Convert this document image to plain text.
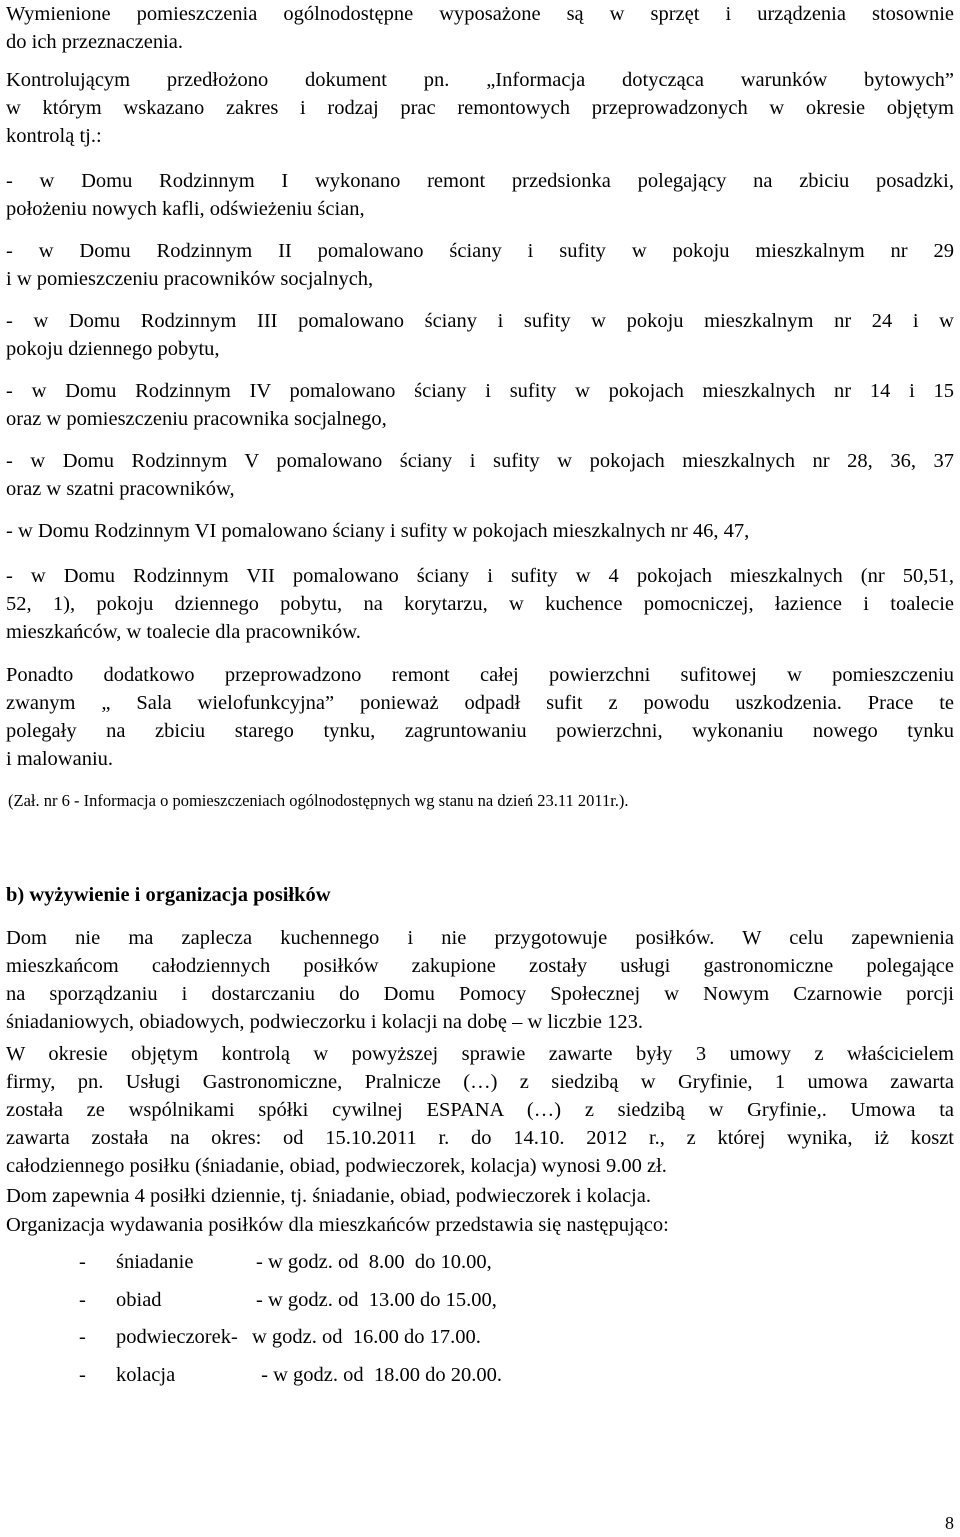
Wymienione pomieszczenia ogólnodostępne wyposażone są w sprzęt i urządzenia stosownie
do ich przeznaczenia.

Kontrolującym przedłożono dokument pn. „Informacja dotycząca warunków bytowych”
w którym wskazano zakres i rodzaj prac remontowych przeprowadzonych w okresie objętym
kontrolą tj.:

- w Domu Rodzinnym I wykonano remont przedsionka polegający na zbiciu posadzki,
położeniu nowych kafli, odświeżeniu ścian,

- w Domu Rodzinnym II pomalowano ściany i sufity w pokoju mieszkalnym nr 29
i w pomieszczeniu pracowników socjalnych,

- w Domu Rodzinnym III pomalowano ściany i sufity w pokoju mieszkalnym nr 24 i w
pokoju dziennego pobytu,

- w Domu Rodzinnym IV pomalowano ściany i sufity w pokojach mieszkalnych nr 14 i 15
oraz w pomieszczeniu pracownika socjalnego,

- w Domu Rodzinnym V pomalowano ściany i sufity w pokojach mieszkalnych nr 28, 36, 37
oraz w szatni pracowników,

- w Domu Rodzinnym VI pomalowano ściany i sufity w pokojach mieszkalnych nr 46, 47,

- w Domu Rodzinnym VII pomalowano ściany i sufity w 4 pokojach mieszkalnych (nr 50,51,
52, 1), pokoju dziennego pobytu, na korytarzu, w kuchence pomocniczej, łazience i toalecie
mieszkańców, w toalecie dla pracowników.

Ponadto dodatkowo przeprowadzono remont całej powierzchni sufitowej w pomieszczeniu
zwanym „ Sala wielofunkcyjna” ponieważ odpadł sufit z powodu uszkodzenia. Prace te
polegały na zbiciu starego tynku, zagruntowaniu powierzchni, wykonaniu nowego tynku
i malowaniu.

(Zał. nr 6 - Informacja o pomieszczeniach ogólnodostępnych wg stanu na dzień 23.11 2011r.).

b) wyżywienie i organizacja posiłków

Dom nie ma zaplecza kuchennego i nie przygotowuje posiłków. W celu zapewnienia
mieszkańcom całodziennych posiłków zakupione zostały usługi gastronomiczne polegające
na sporządzaniu i dostarczaniu do Domu Pomocy Społecznej w Nowym Czarnowie porcji
śniadaniowych, obiadowych, podwieczorku i kolacji na dobę – w liczbie 123.

W okresie objętym kontrolą w powyższej sprawie zawarte były 3 umowy z właścicielem
firmy, pn. Usługi Gastronomiczne, Pralnicze (…) z siedzibą w Gryfinie, 1 umowa zawarta
została ze wspólnikami spółki cywilnej ESPANA (…) z siedzibą w Gryfinie,. Umowa ta
zawarta została na okres: od 15.10.2011 r. do 14.10. 2012 r., z której wynika, iż koszt
całodziennego posiłku (śniadanie, obiad, podwieczorek, kolacja) wynosi 9.00 zł.

Dom zapewnia 4 posiłki dziennie, tj. śniadanie, obiad, podwieczorek i kolacja.

Organizacja wydawania posiłków dla mieszkańców przedstawia się następująco:

-

śniadanie

	- w godz. od  8.00  do 10.00,

-

obiad

	- w godz. od  13.00 do 15.00,

-

podwieczorek-

w godz. od  16.00 do 17.00.

-

kolacja

	- w godz. od  18.00 do 20.00.

8
